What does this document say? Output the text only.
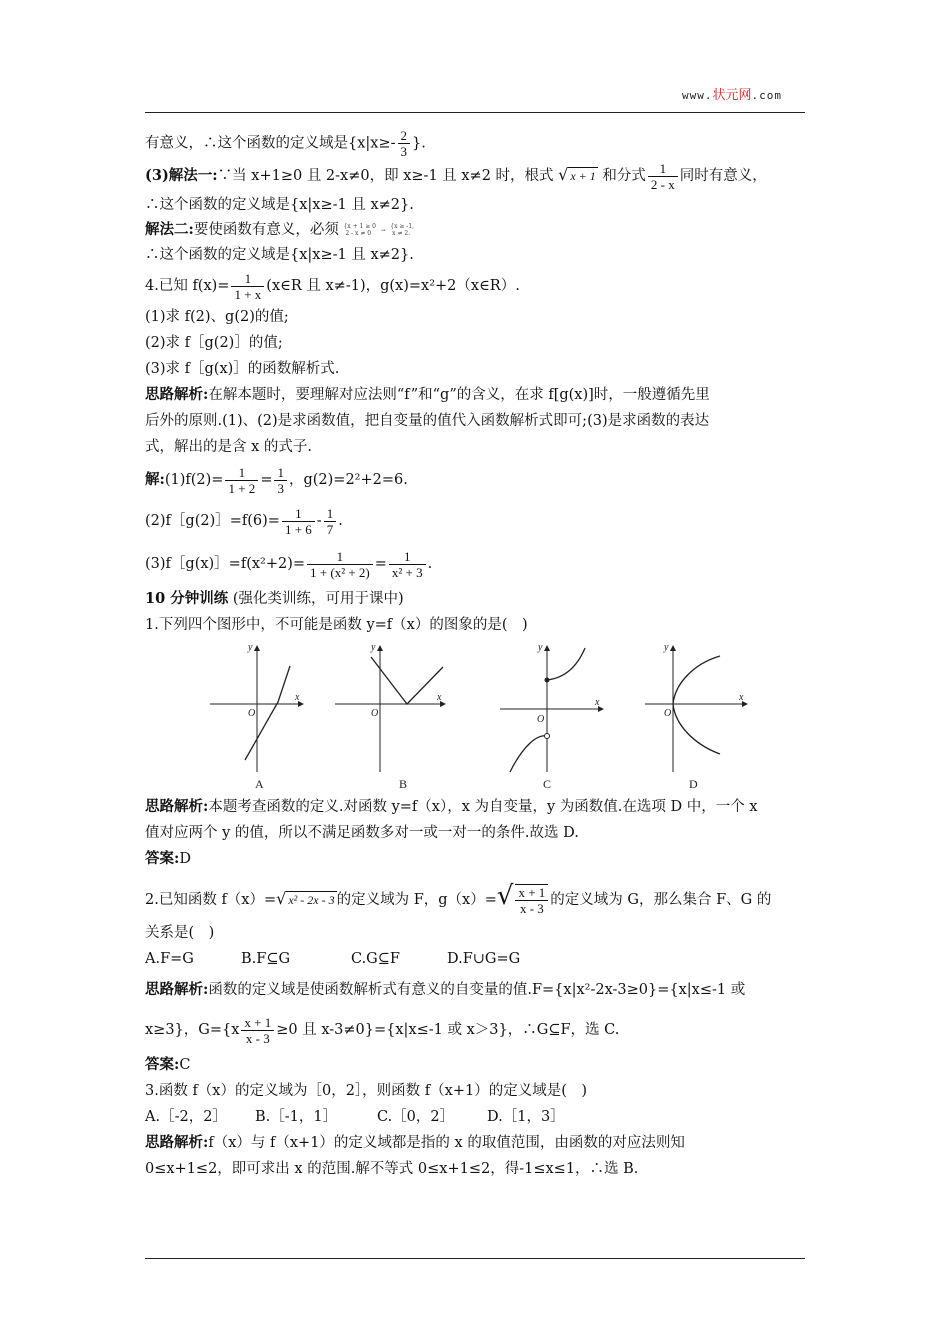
www.状元网.com
有意义，∴这个函数的定义域是{$x|x\ge- \frac{2}{3}$ }.
(3)解法一:∵当 x+1≥0 且 2-x≠0，即 x≥-1 且 x≠2 时，根式 √ x + 1 和分式 $\frac{1}{2 - x}$ 同时有意义，
∴这个函数的定义域是{x|x≥-1 且 x≠2}.
解法二:要使函数有意义，必须 {x + 1 ≥ 0
2 - x ≠ 0 → {x ≥ -1,
x ≠ 2.
∴这个函数的定义域是{x|x≥-1 且 x≠2}.
4.已知 $f(x)= \frac{1}{1 + x}$ (x∈R 且 x≠-1)，g(x)=x²+2（x∈R）.
(1)求 f(2)、g(2)的值;
(2)求 f［g(2)］的值;
(3)求 f［g(x)］的函数解析式.
思路解析:在解本题时，要理解对应法则“f”和“g”的含义，在求 f[g(x)]时，一般遵循先里
后外的原则.(1)、(2)是求函数值，把自变量的值代入函数解析式即可;(3)是求函数的表达
式，解出的是含 x 的式子.
解:(1)f(2)= $\frac{1}{1 + 2} = \frac{1}{3}$ ，g(2)=2²+2=6.
(2)f［g(2)］=f(6)= $\frac{1}{1 + 6} - \frac{1}{7}$ .
(3)f［g(x)］=f(x²+2)= $\frac{1}{\text{1 + (x² + 2)}} = \frac{1}{\text{x² + 3}}$ .
10 分钟训练 (强化类训练，可用于课中)
1.下列四个图形中，不可能是函数 y=f（x）的图象的是(　)
y
x
O
y
x
O
y
x
O
y
x
O
A	B	C	D
思路解析:本题考查函数的定义.对函数 y=f（x），x 为自变量，y 为函数值.在选项 D 中，一个 x
值对应两个 y 的值，所以不满足函数多对一或一对一的条件.故选 D.
答案:D
2.已知函数 f（x）=√ x² - 2x - 3 的定义域为 F，$g(x)=√ \frac{x + 1}{x - 3}$ 的定义域为 G，那么集合 F、G 的
关系是(　)
A.F=G	B.F⊆G	C.G⊆F	D.F∪G=G
思路解析:函数的定义域是使函数解析式有意义的自变量的值.F={x|x²-2x-3≥0}={x|x≤-1 或
x≥3}，$G=\{x \frac{x + 1}{x - 3} \ge 0$ 且 x-3≠0}={x|x≤-1 或 x＞3}，∴G⊆F，选 C.
答案:C
3.函数 f（x）的定义域为［0，2］，则函数 f（x+1）的定义域是(　)
A.［-2，2］ B.［-1，1］	C.［0，2］ D.［1，3］
思路解析:f（x）与 f（x+1）的定义域都是指的 x 的取值范围，由函数的对应法则知
0≤x+1≤2，即可求出 x 的范围.解不等式 0≤x+1≤2，得-1≤x≤1，∴选 B.
